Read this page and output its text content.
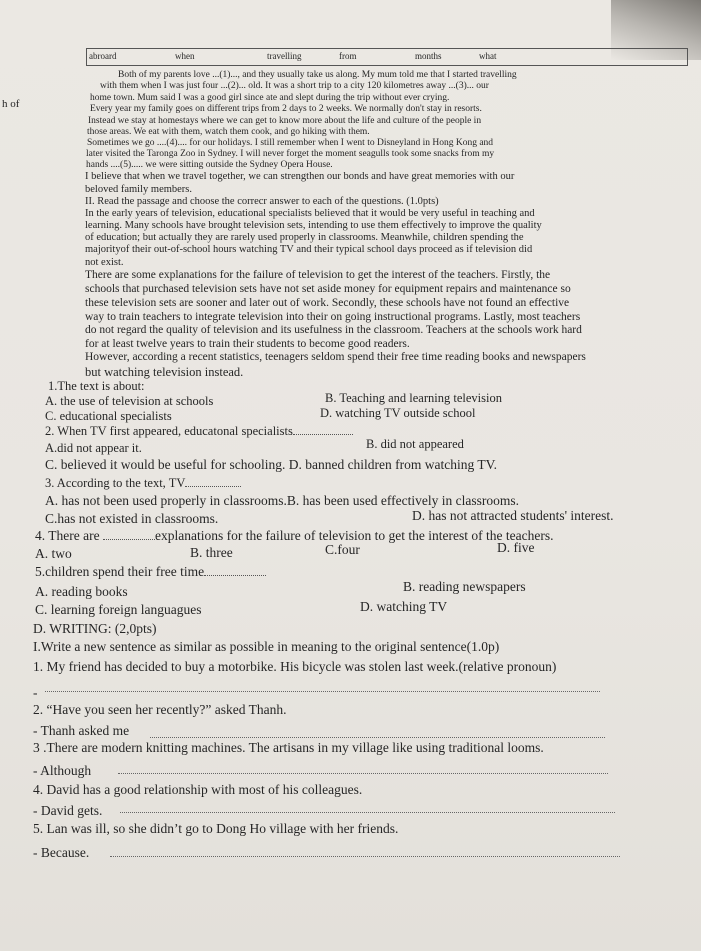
h of
abroard	when	travelling	from	months	what
Both of my parents love ...(1)..., and they usually take us along. My mum told me that I started travelling
with them when I was just four ...(2)... old. It was a short trip to a city 120 kilometres away ...(3)... our
home town. Mum said I was a good girl since ate and slept during the trip without ever crying.
Every year my family goes on different trips from 2 days to 2 weeks. We normally don't stay in resorts.
Instead we stay at homestays where we can get to know more about the life and culture of the people in
those areas. We eat with them, watch them cook, and go hiking with them.
Sometimes we go ....(4).... for our holidays. I still remember when I went to Disneyland in Hong Kong and
later visited the Taronga Zoo in Sydney. I will never forget the moment seagulls took some snacks from my
hands ....(5)..... we were sitting outside the Sydney Opera House.
I believe that when we travel together, we can strengthen our bonds and have great memories with our
beloved family members.
II. Read the passage and choose the correcr answer to each of the questions. (1.0pts)
In the early years of television, educational specialists believed that it would be very useful in teaching and
learning. Many schools have brought television sets, intending to use them effectively to improve the quality
of education; but actually they are rarely used properly in classrooms. Meanwhile, children spending the
majorityof their out-of-school hours watching TV and their typical school days proceed as if television did
not exist.
There are some explanations for the failure of television to get the interest of the teachers. Firstly, the
schools that purchased television sets have not set aside money for equipment repairs and maintenance so
these television sets are sooner and later out of work. Secondly, these schools have not found an effective
way to train teachers to integrate television into their on going instructional programs. Lastly, most teachers
do not regard the quality of television and its usefulness in the classroom. Teachers at the schools work hard
for at least twelve years to train their students to become good readers.
However, according a recent statistics, teenagers seldom spend their free time reading books and newspapers
but watching television instead.
1.The text is about:
A. the use of television at schools	B. Teaching and learning television
C. educational specialists	D. watching TV outside school
2. When TV first appeared, educatonal specialists
A.did not appear it.	B. did not appeared
C. believed it would be useful for schooling. D. banned children from watching TV.
3. According to the text, TV
A. has not been used properly in classrooms.B. has been used effectively in classrooms.
C.has not existed in classrooms.	D. has not attracted students' interest.
4. There are	explanations for the failure of television to get the interest of the teachers.
A. two	B. three	C.four	D. five
5.children spend their free time
A. reading books	B. reading newspapers
C. learning foreign languagues	D. watching TV
D. WRITING: (2,0pts)
I.Write a new sentence as similar as possible in meaning to the original sentence(1.0p)
1. My friend has decided to buy a motorbike. His bicycle was stolen last week.(relative pronoun)
-
2. “Have you seen her recently?” asked Thanh.
- Thanh asked me
3 .There are modern knitting machines. The artisans in my village like using traditional looms.
- Although
4. David has a good relationship with most of his colleagues.
- David gets.
5. Lan was ill, so she didn’t go to Dong Ho village with her friends.
- Because.
